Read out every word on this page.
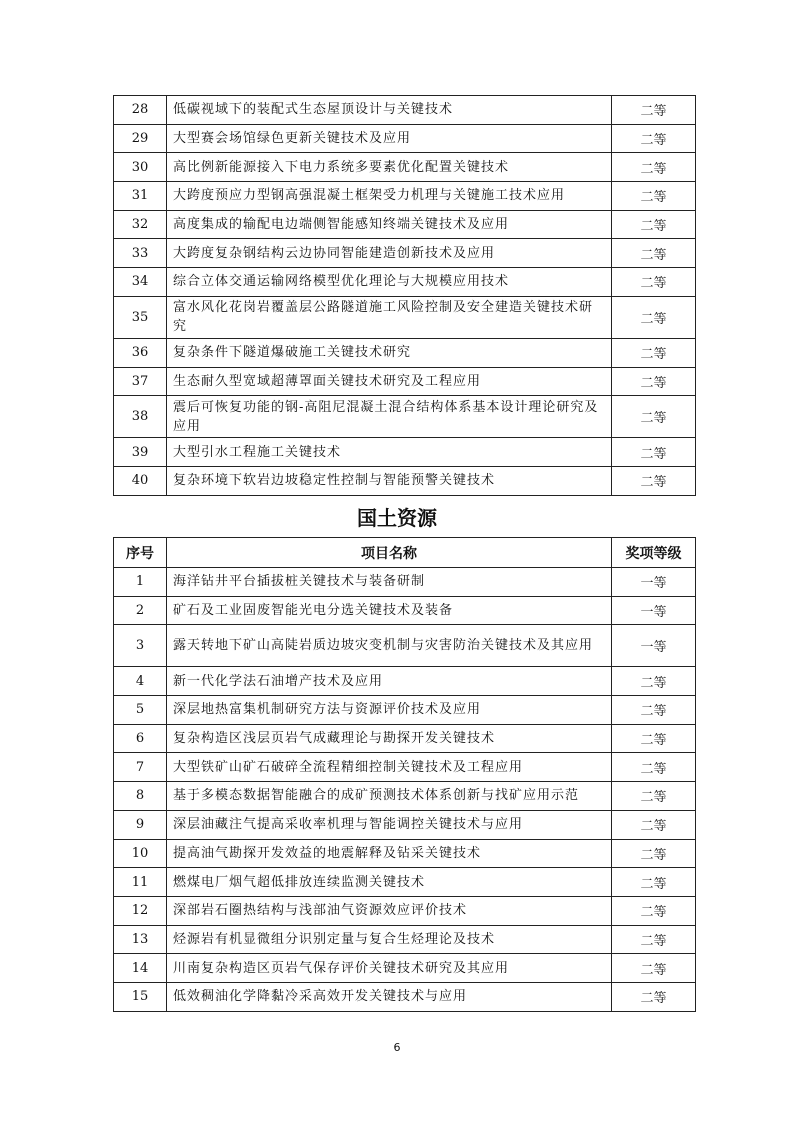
28	低碳视域下的装配式生态屋顶设计与关键技术	二等
29	大型赛会场馆绿色更新关键技术及应用	二等
30	高比例新能源接入下电力系统多要素优化配置关键技术	二等
31	大跨度预应力型钢高强混凝土框架受力机理与关键施工技术应用	二等
32	高度集成的输配电边端侧智能感知终端关键技术及应用	二等
33	大跨度复杂钢结构云边协同智能建造创新技术及应用	二等
34	综合立体交通运输网络模型优化理论与大规模应用技术	二等
35	富水风化花岗岩覆盖层公路隧道施工风险控制及安全建造关键技术研究	二等
36	复杂条件下隧道爆破施工关键技术研究	二等
37	生态耐久型宽域超薄罩面关键技术研究及工程应用	二等
38	震后可恢复功能的钢-高阻尼混凝土混合结构体系基本设计理论研究及应用	二等
39	大型引水工程施工关键技术	二等
40	复杂环境下软岩边坡稳定性控制与智能预警关键技术	二等
国土资源
序号	项目名称	奖项等级
1	海洋钻井平台插拔桩关键技术与装备研制	一等
2	矿石及工业固废智能光电分选关键技术及装备	一等
3	露天转地下矿山高陡岩质边坡灾变机制与灾害防治关键技术及其应用	一等
4	新一代化学法石油增产技术及应用	二等
5	深层地热富集机制研究方法与资源评价技术及应用	二等
6	复杂构造区浅层页岩气成藏理论与勘探开发关键技术	二等
7	大型铁矿山矿石破碎全流程精细控制关键技术及工程应用	二等
8	基于多模态数据智能融合的成矿预测技术体系创新与找矿应用示范	二等
9	深层油藏注气提高采收率机理与智能调控关键技术与应用	二等
10	提高油气勘探开发效益的地震解释及钻采关键技术	二等
11	燃煤电厂烟气超低排放连续监测关键技术	二等
12	深部岩石圈热结构与浅部油气资源效应评价技术	二等
13	烃源岩有机显微组分识别定量与复合生烃理论及技术	二等
14	川南复杂构造区页岩气保存评价关键技术研究及其应用	二等
15	低效稠油化学降黏冷采高效开发关键技术与应用	二等
6
